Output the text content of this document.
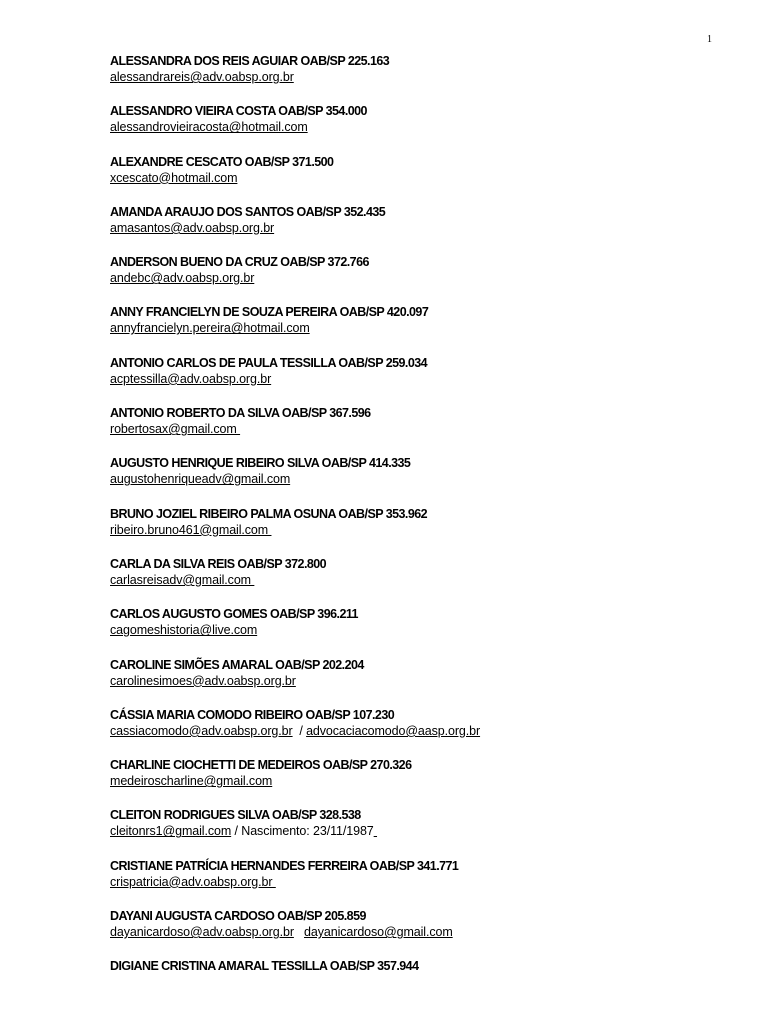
1
ALESSANDRA DOS REIS AGUIAR OAB/SP 225.163
alessandrareis@adv.oabsp.org.br
ALESSANDRO VIEIRA COSTA OAB/SP 354.000
alessandrovieiracosta@hotmail.com
ALEXANDRE CESCATO OAB/SP 371.500
xcescato@hotmail.com
AMANDA ARAUJO DOS SANTOS OAB/SP 352.435
amasantos@adv.oabsp.org.br
ANDERSON BUENO DA CRUZ OAB/SP 372.766
andebc@adv.oabsp.org.br
ANNY FRANCIELYN DE SOUZA PEREIRA OAB/SP 420.097
annyfrancielyn.pereira@hotmail.com
ANTONIO CARLOS DE PAULA TESSILLA OAB/SP 259.034
acptessilla@adv.oabsp.org.br
ANTONIO ROBERTO DA SILVA OAB/SP 367.596
robertosax@gmail.com
AUGUSTO HENRIQUE RIBEIRO SILVA OAB/SP 414.335
augustohenriqueadv@gmail.com
BRUNO JOZIEL RIBEIRO PALMA OSUNA OAB/SP 353.962
ribeiro.bruno461@gmail.com
CARLA DA SILVA REIS OAB/SP 372.800
carlasreisadv@gmail.com
CARLOS AUGUSTO GOMES OAB/SP 396.211
cagomeshistoria@live.com
CAROLINE SIMÕES AMARAL OAB/SP 202.204
carolinesimoes@adv.oabsp.org.br
CÁSSIA MARIA COMODO RIBEIRO OAB/SP 107.230
cassiacomodo@adv.oabsp.org.br  / advocaciacomodo@aasp.org.br
CHARLINE CIOCHETTI DE MEDEIROS OAB/SP 270.326
medeiroscharline@gmail.com
CLEITON RODRIGUES SILVA OAB/SP 328.538
cleitonrs1@gmail.com / Nascimento: 23/11/1987
CRISTIANE PATRÍCIA HERNANDES FERREIRA OAB/SP 341.771
crispatricia@adv.oabsp.org.br
DAYANI AUGUSTA CARDOSO OAB/SP 205.859
dayanicardoso@adv.oabsp.org.br dayanicardoso@gmail.com
DIGIANE CRISTINA AMARAL TESSILLA OAB/SP 357.944
